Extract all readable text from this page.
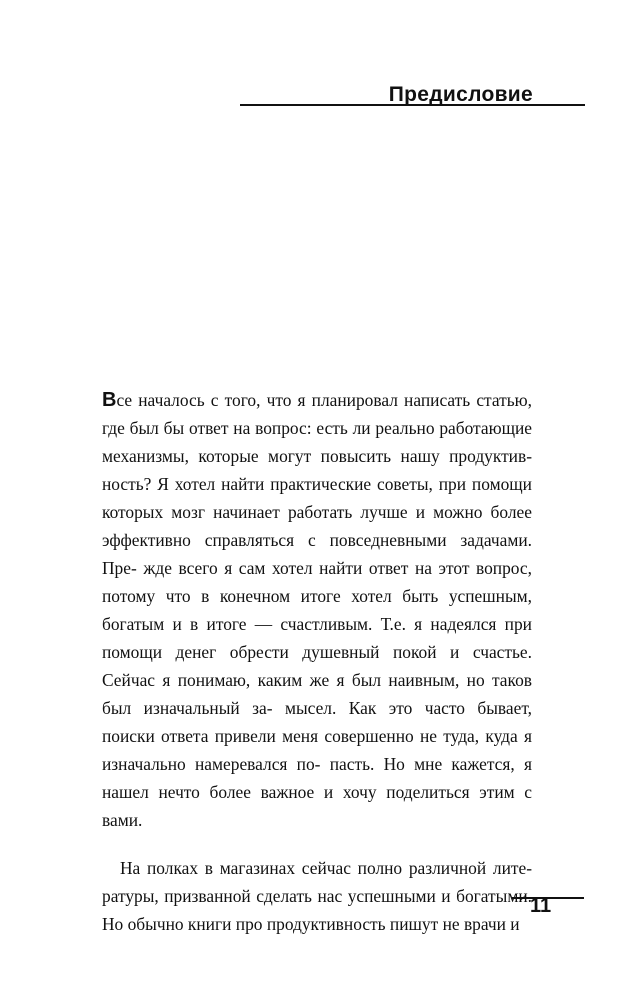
Предисловие

Все началось с того, что я планировал написать статью, где был бы ответ на вопрос: есть ли реально работающие механизмы, которые могут повысить нашу продуктив- ность? Я хотел найти практические советы, при помощи которых мозг начинает работать лучше и можно более эффективно справляться с повседневными задачами. Пре- жде всего я сам хотел найти ответ на этот вопрос, потому что в конечном итоге хотел быть успешным, богатым и в итоге — счастливым. Т.е. я надеялся при помощи денег обрести душевный покой и счастье. Сейчас я понимаю, каким же я был наивным, но таков был изначальный за- мысел. Как это часто бывает, поиски ответа привели меня совершенно не туда, куда я изначально намеревался по- пасть. Но мне кажется, я нашел нечто более важное и хочу поделиться этим с вами.

На полках в магазинах сейчас полно различной лите- ратуры, призванной сделать нас успешными и богатыми. Но обычно книги про продуктивность пишут не врачи и

11
